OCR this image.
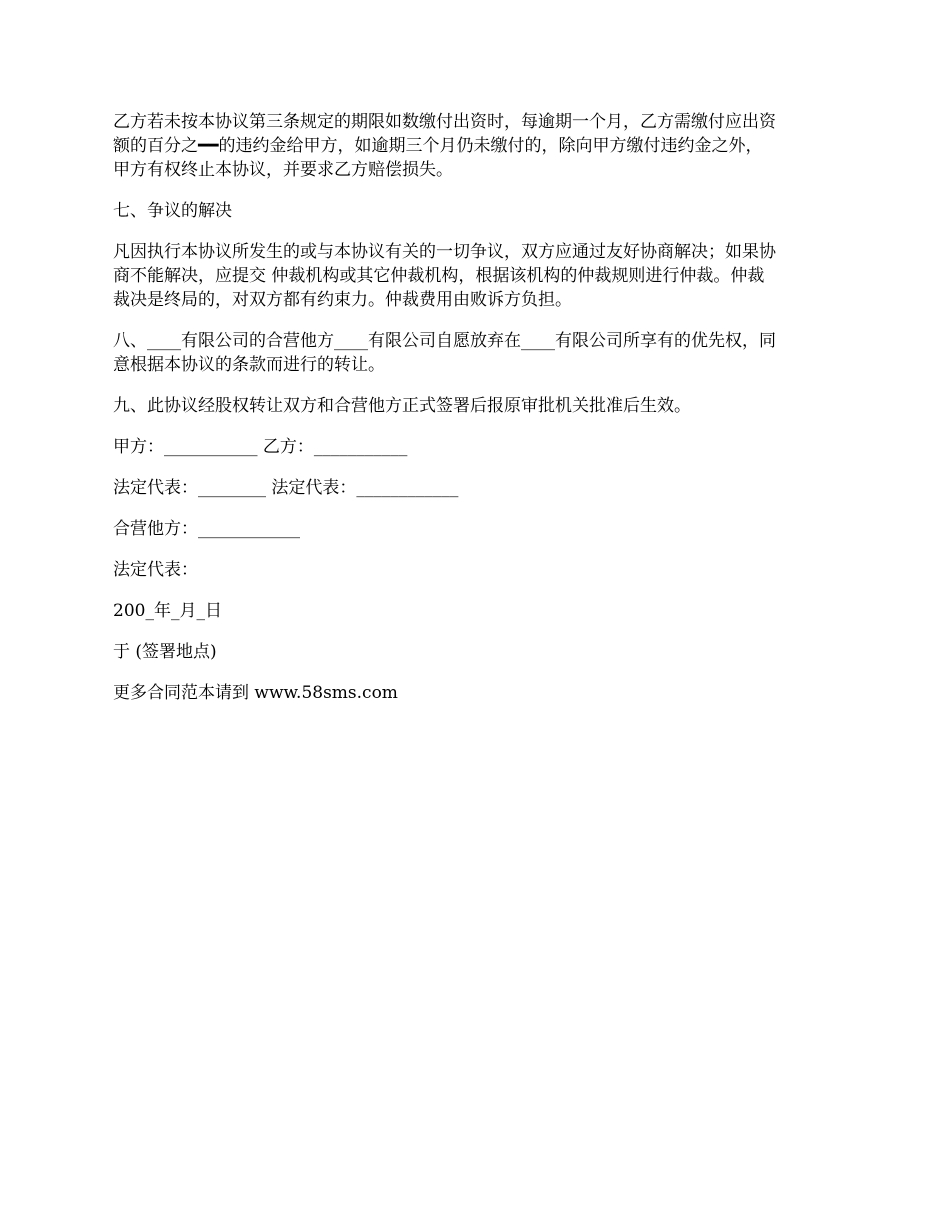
乙方若未按本协议第三条规定的期限如数缴付出资时，每逾期一个月，乙方需缴付应出资
额的百分之━━的违约金给甲方，如逾期三个月仍未缴付的，除向甲方缴付违约金之外，
甲方有权终止本协议，并要求乙方赔偿损失。

七、争议的解决

凡因执行本协议所发生的或与本协议有关的一切争议，双方应通过友好协商解决；如果协
商不能解决，应提交 仲裁机构或其它仲裁机构，根据该机构的仲裁规则进行仲裁。仲裁
裁决是终局的，对双方都有约束力。仲裁费用由败诉方负担。

八、____有限公司的合营他方____有限公司自愿放弃在____有限公司所享有的优先权，同
意根据本协议的条款而进行的转让。

九、此协议经股权转让双方和合营他方正式签署后报原审批机关批准后生效。

甲方：___________ 乙方：___________

法定代表：________ 法定代表：____________

合营他方：____________

法定代表：

200_年_月_日

于 (签署地点)

更多合同范本请到 www.58sms.com
